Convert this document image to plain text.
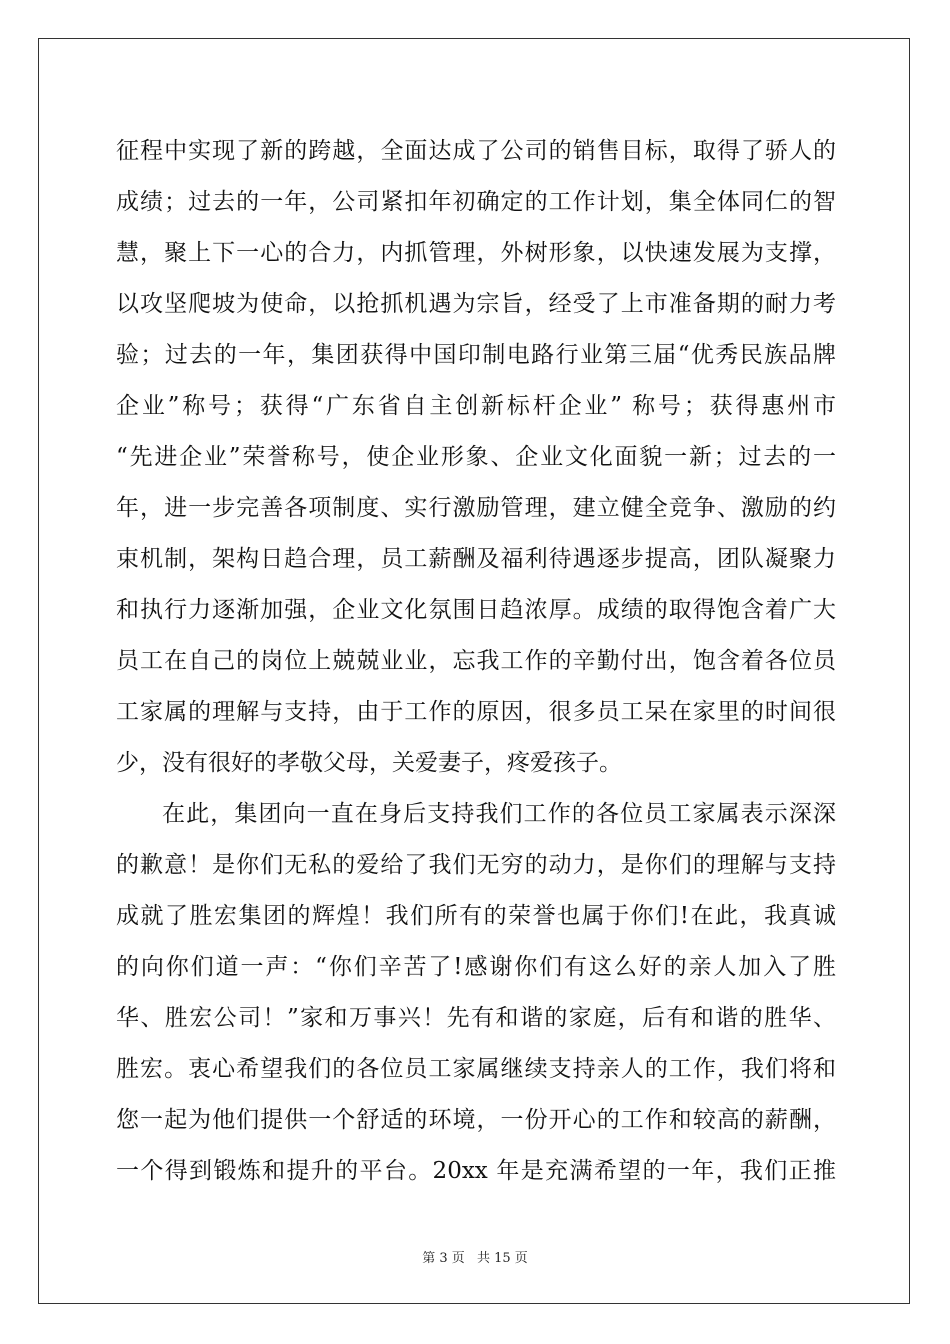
征程中实现了新的跨越，全面达成了公司的销售目标，取得了骄人的
成绩；过去的一年，公司紧扣年初确定的工作计划，集全体同仁的智
慧，聚上下一心的合力，内抓管理，外树形象，以快速发展为支撑，
以攻坚爬坡为使命，以抢抓机遇为宗旨，经受了上市准备期的耐力考
验；过去的一年，集团获得中国印制电路行业第三届“优秀民族品牌
企业”称号；获得“广东省自主创新标杆企业” 称号；获得惠州市
“先进企业”荣誉称号，使企业形象、企业文化面貌一新；过去的一
年，进一步完善各项制度、实行激励管理，建立健全竞争、激励的约
束机制，架构日趋合理，员工薪酬及福利待遇逐步提高，团队凝聚力
和执行力逐渐加强，企业文化氛围日趋浓厚。成绩的取得饱含着广大
员工在自己的岗位上兢兢业业，忘我工作的辛勤付出，饱含着各位员
工家属的理解与支持，由于工作的原因，很多员工呆在家里的时间很
少，没有很好的孝敬父母，关爱妻子，疼爱孩子。
在此，集团向一直在身后支持我们工作的各位员工家属表示深深
的歉意！是你们无私的爱给了我们无穷的动力，是你们的理解与支持
成就了胜宏集团的辉煌！我们所有的荣誉也属于你们!在此，我真诚
的向你们道一声：“你们辛苦了!感谢你们有这么好的亲人加入了胜
华、胜宏公司！”家和万事兴！先有和谐的家庭，后有和谐的胜华、
胜宏。衷心希望我们的各位员工家属继续支持亲人的工作，我们将和
您一起为他们提供一个舒适的环境，一份开心的工作和较高的薪酬，
一个得到锻炼和提升的平台。20xx 年是充满希望的一年，我们正推
第 3 页 共 15 页
